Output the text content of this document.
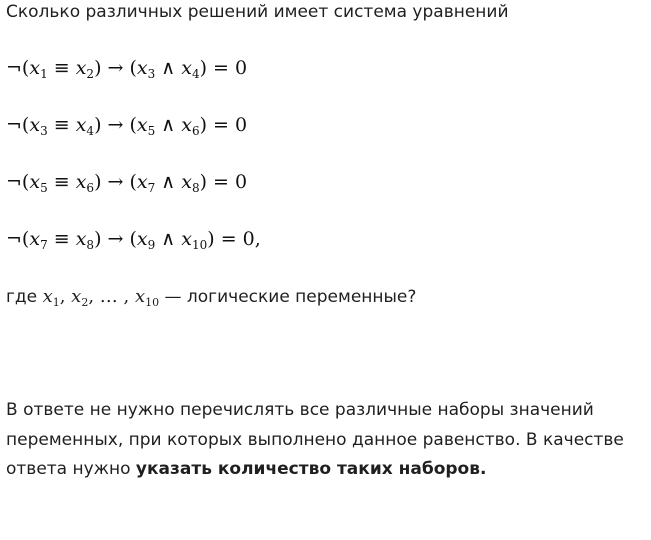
Сколько различных решений имеет система уравнений
$\neg(x_1 \equiv x_2) \to (x_3$ ∧ $x_4) = 0$
$\neg(x_3 \equiv x_4) \to (x_5$ ∧ $x_6) = 0$
$\neg(x_5 \equiv x_6) \to (x_7$ ∧ $x_8) = 0$
$\neg(x_7 \equiv x_8) \to (x_9$ ∧ $x_{10}) = 0$,
где $x_1$, $x_2$, … , $x_{10}$ — логические переменные?
В ответе не нужно перечислять все различные наборы значений переменных, при которых выполнено данное равенство. В качестве ответа нужно указать количество таких наборов.
